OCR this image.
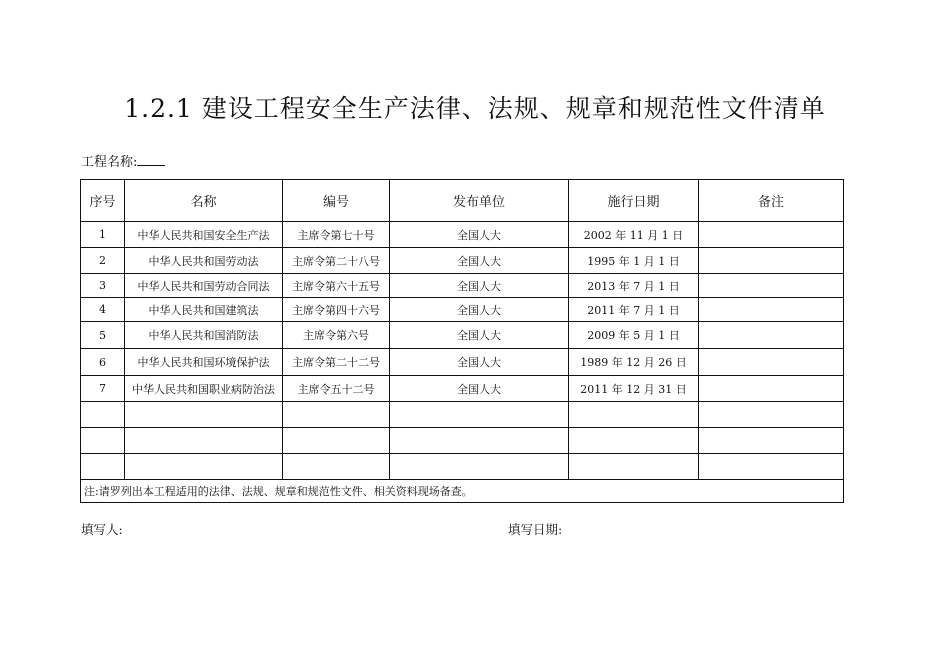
1.2.1 建设工程安全生产法律、法规、规章和规范性文件清单
工程名称:
序号	名称	编号	发布单位	施行日期	备注
1	中华人民共和国安全生产法	主席令第七十号	全国人大	2002 年 11 月 1 日	
2	中华人民共和国劳动法	主席令第二十八号	全国人大	1995 年 1 月 1 日	
3	中华人民共和国劳动合同法	主席令第六十五号	全国人大	2013 年 7 月 1 日	
4	中华人民共和国建筑法	主席令第四十六号	全国人大	2011 年 7 月 1 日	
5	中华人民共和国消防法	主席令第六号	全国人大	2009 年 5 月 1 日	
6	中华人民共和国环境保护法	主席令第二十二号	全国人大	1989 年 12 月 26 日	
7	中华人民共和国职业病防治法	主席令五十二号	全国人大	2011 年 12 月 31 日	

注:请罗列出本工程适用的法律、法规、规章和规范性文件、相关资料现场备查。					
填写人:	填写日期:
